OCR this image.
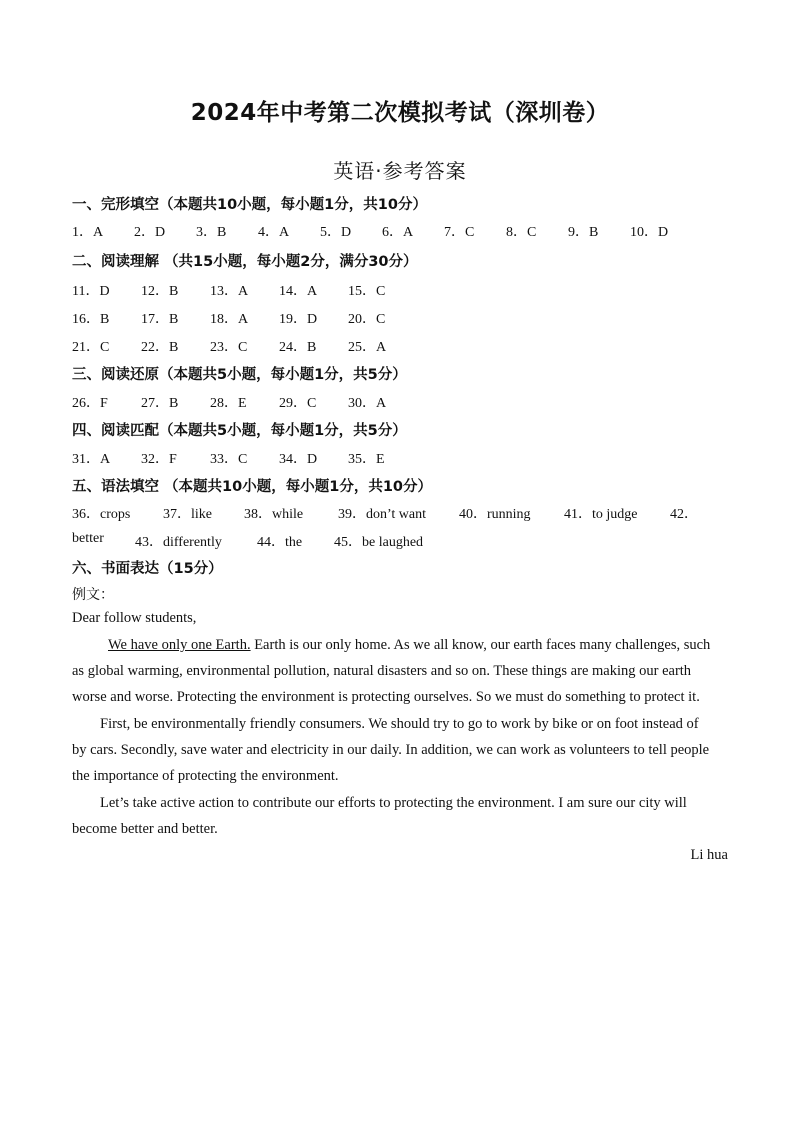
2024年中考第二次模拟考试（深圳卷）
英语·参考答案
一、完形填空（本题共10小题，每小题1分，共10分）
1．A 2．D 3．B 4．A 5．D 6．A 7．C 8．C 9．B 10．D
二、阅读理解 （共15小题，每小题2分，满分30分）
11．D 12．B 13．A 14．A 15．C
16．B 17．B 18．A 19．D 20．C
21．C 22．B 23．C 24．B 25．A
三、阅读还原（本题共5小题，每小题1分，共5分）
26．F 27．B 28．E 29．C 30．A
四、阅读匹配（本题共5小题，每小题1分，共5分）
31．A 32．F 33．C 34．D 35．E
五、语法填空 （本题共10小题，每小题1分，共10分）
36．crops 37．like 38．while 39．don’t want 40．running 41．to judge 42．
better 43．differently	44．the 45．be laughed
六、书面表达（15分）
例文：
Dear follow students,
We have only one Earth. Earth is our only home. As we all know, our earth faces many challenges, such
as global warming, environmental pollution, natural disasters and so on. These things are making our earth
worse and worse. Protecting the environment is protecting ourselves. So we must do something to protect it.
First, be environmentally friendly consumers. We should try to go to work by bike or on foot instead of
by cars. Secondly, save water and electricity in our daily. In addition, we can work as volunteers to tell people
the importance of protecting the environment.
Let’s take active action to contribute our efforts to protecting the environment. I am sure our city will
become better and better.
Li hua
